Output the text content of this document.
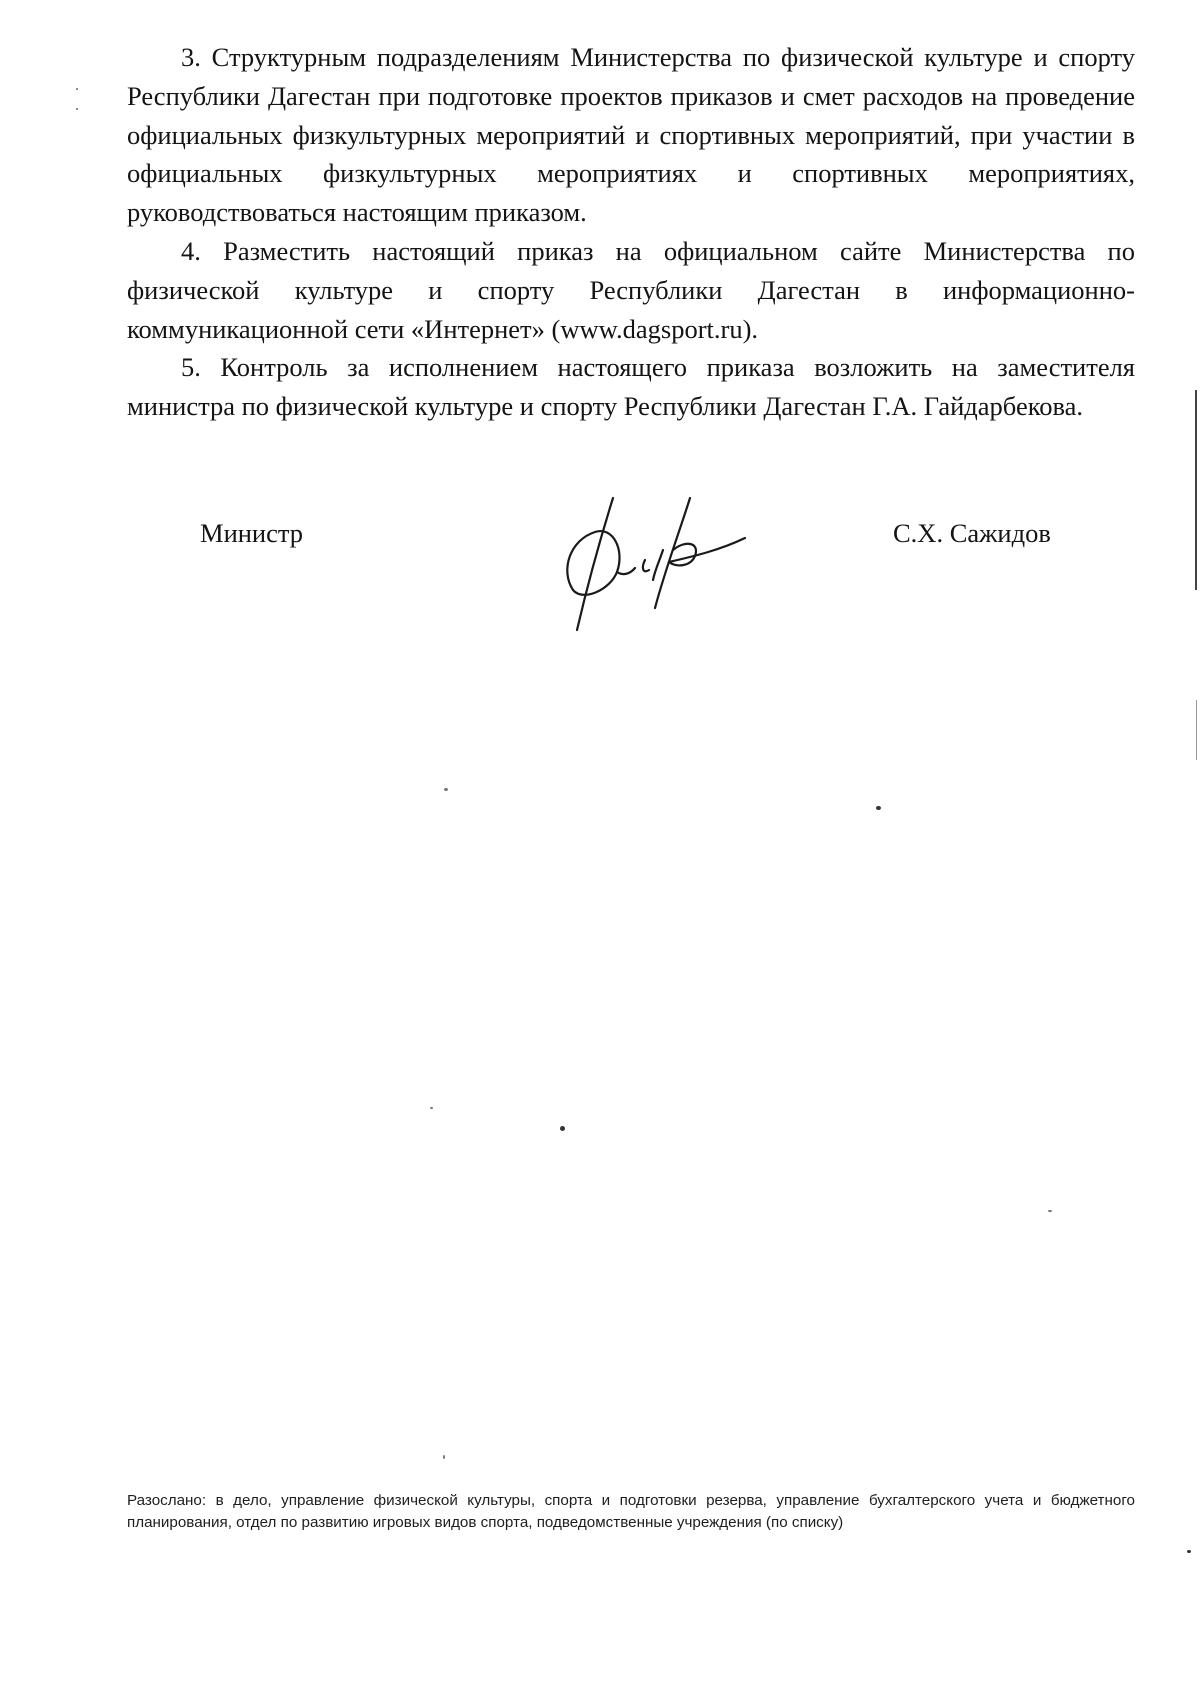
3. Структурным подразделениям Министерства по физической культуре и спорту Республики Дагестан при подготовке проектов приказов и смет расходов на проведение официальных физкультурных мероприятий и спортивных мероприятий, при участии в официальных физкультурных мероприятиях и спортивных мероприятиях, руководствоваться настоящим приказом.

4. Разместить настоящий приказ на официальном сайте Министерства по физической культуре и спорту Республики Дагестан в информационно-коммуникационной сети «Интернет» (www.dagsport.ru).

5. Контроль за исполнением настоящего приказа возложить на заместителя министра по физической культуре и спорту Республики Дагестан Г.А. Гайдарбекова.

Министр	С.Х. Сажидов
Разослано: в дело, управление физической культуры, спорта и подготовки резерва, управление бухгалтерского учета и бюджетного планирования, отдел по развитию игровых видов спорта, подведомственные учреждения (по списку)
